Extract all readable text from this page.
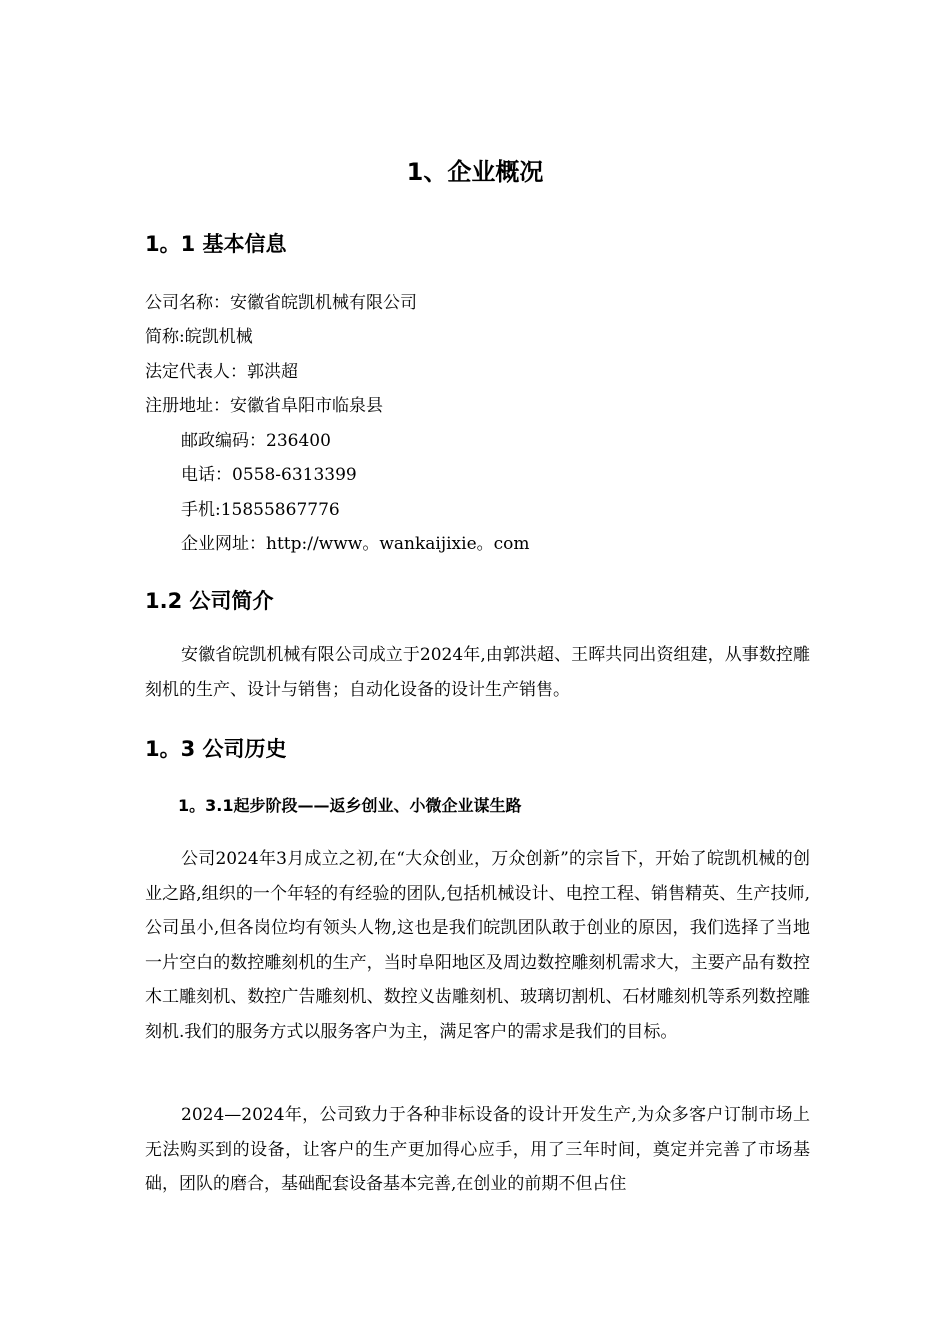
1、企业概况
1。1 基本信息
公司名称：安徽省皖凯机械有限公司
简称:皖凯机械
法定代表人：郭洪超
注册地址：安徽省阜阳市临泉县
邮政编码：236400
电话：0558-6313399
手机:15855867776
企业网址：http://www。wankaijixie。com
1.2 公司简介
安徽省皖凯机械有限公司成立于2024年,由郭洪超、王晖共同出资组建，从事数控雕刻机的生产、设计与销售；自动化设备的设计生产销售。
1。3 公司历史
1。3.1起步阶段——返乡创业、小微企业谋生路
公司2024年3月成立之初,在“大众创业，万众创新”的宗旨下，开始了皖凯机械的创业之路,组织的一个年轻的有经验的团队,包括机械设计、电控工程、销售精英、生产技师,公司虽小,但各岗位均有领头人物,这也是我们皖凯团队敢于创业的原因，我们选择了当地一片空白的数控雕刻机的生产，当时阜阳地区及周边数控雕刻机需求大，主要产品有数控木工雕刻机、数控广告雕刻机、数控义齿雕刻机、玻璃切割机、石材雕刻机等系列数控雕刻机.我们的服务方式以服务客户为主，满足客户的需求是我们的目标。
2024—2024年，公司致力于各种非标设备的设计开发生产,为众多客户订制市场上无法购买到的设备，让客户的生产更加得心应手，用了三年时间，奠定并完善了市场基础，团队的磨合，基础配套设备基本完善,在创业的前期不但占住
